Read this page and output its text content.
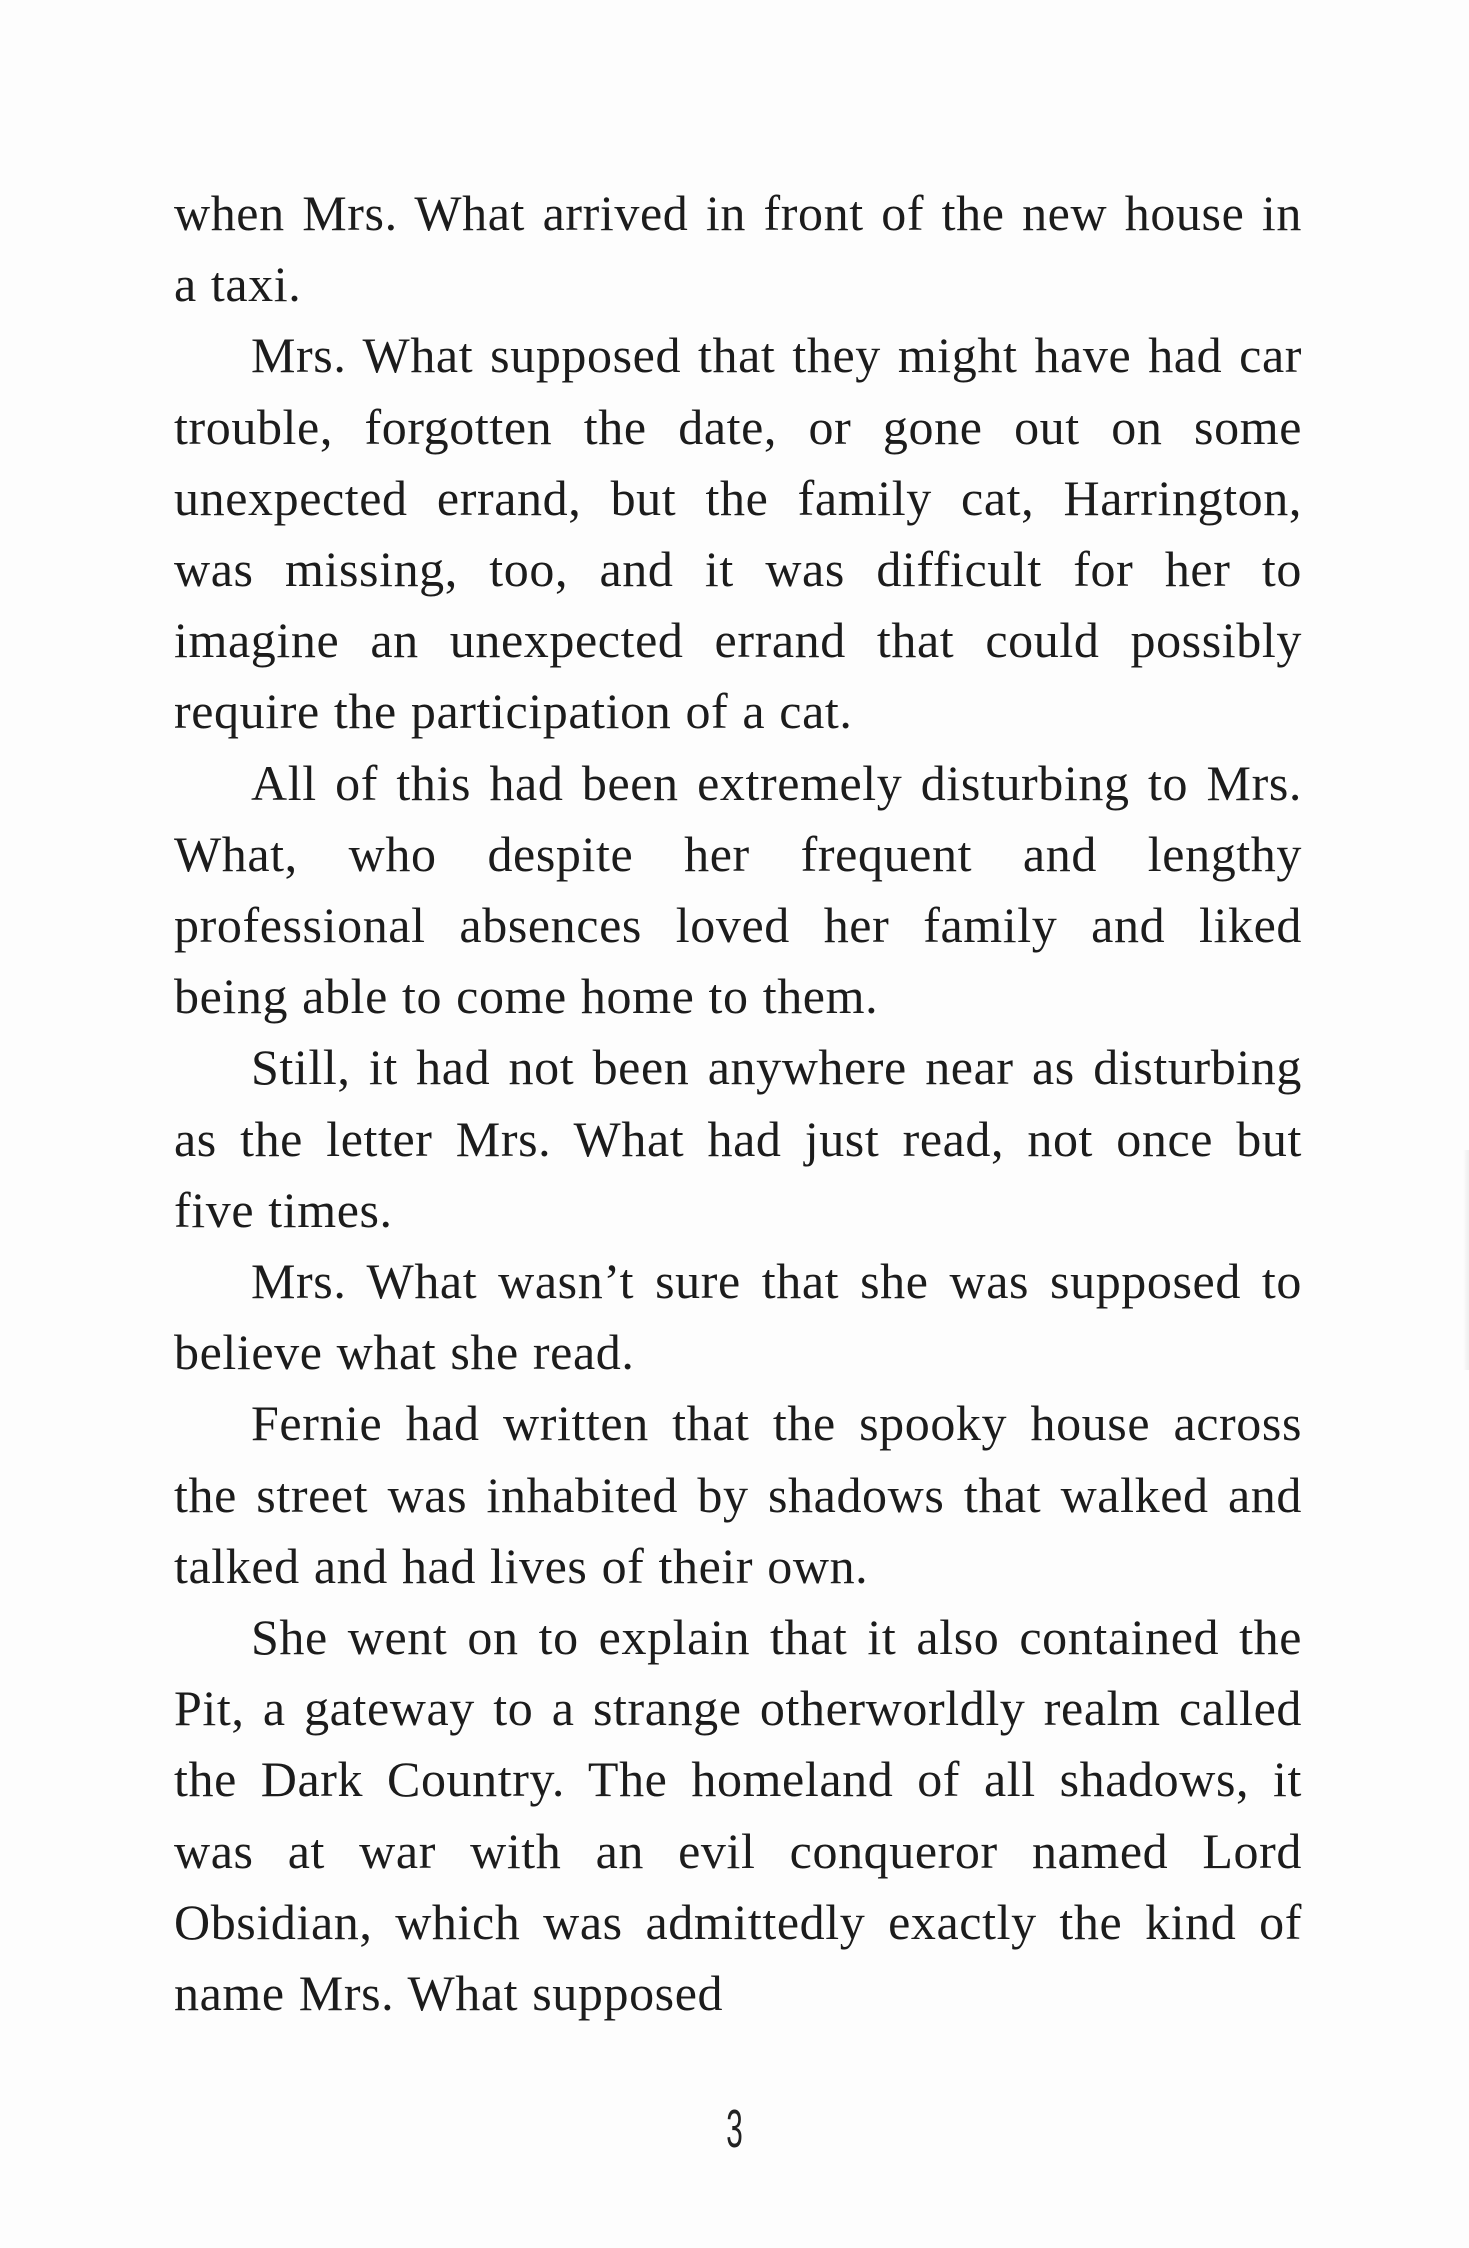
when Mrs. What arrived in front of the new house in a taxi.

Mrs. What supposed that they might have had car trouble, forgotten the date, or gone out on some unexpected errand, but the family cat, Harrington, was missing, too, and it was difficult for her to imagine an unexpected errand that could possibly require the participation of a cat.

All of this had been extremely disturbing to Mrs. What, who despite her frequent and lengthy professional absences loved her family and liked being able to come home to them.

Still, it had not been anywhere near as disturbing as the letter Mrs. What had just read, not once but five times.

Mrs. What wasn’t sure that she was supposed to believe what she read.

Fernie had written that the spooky house across the street was inhabited by shadows that walked and talked and had lives of their own.

She went on to explain that it also contained the Pit, a gateway to a strange otherworldly realm called the Dark Country. The homeland of all shadows, it was at war with an evil conqueror named Lord Obsidian, which was admittedly exactly the kind of name Mrs. What supposed

3
